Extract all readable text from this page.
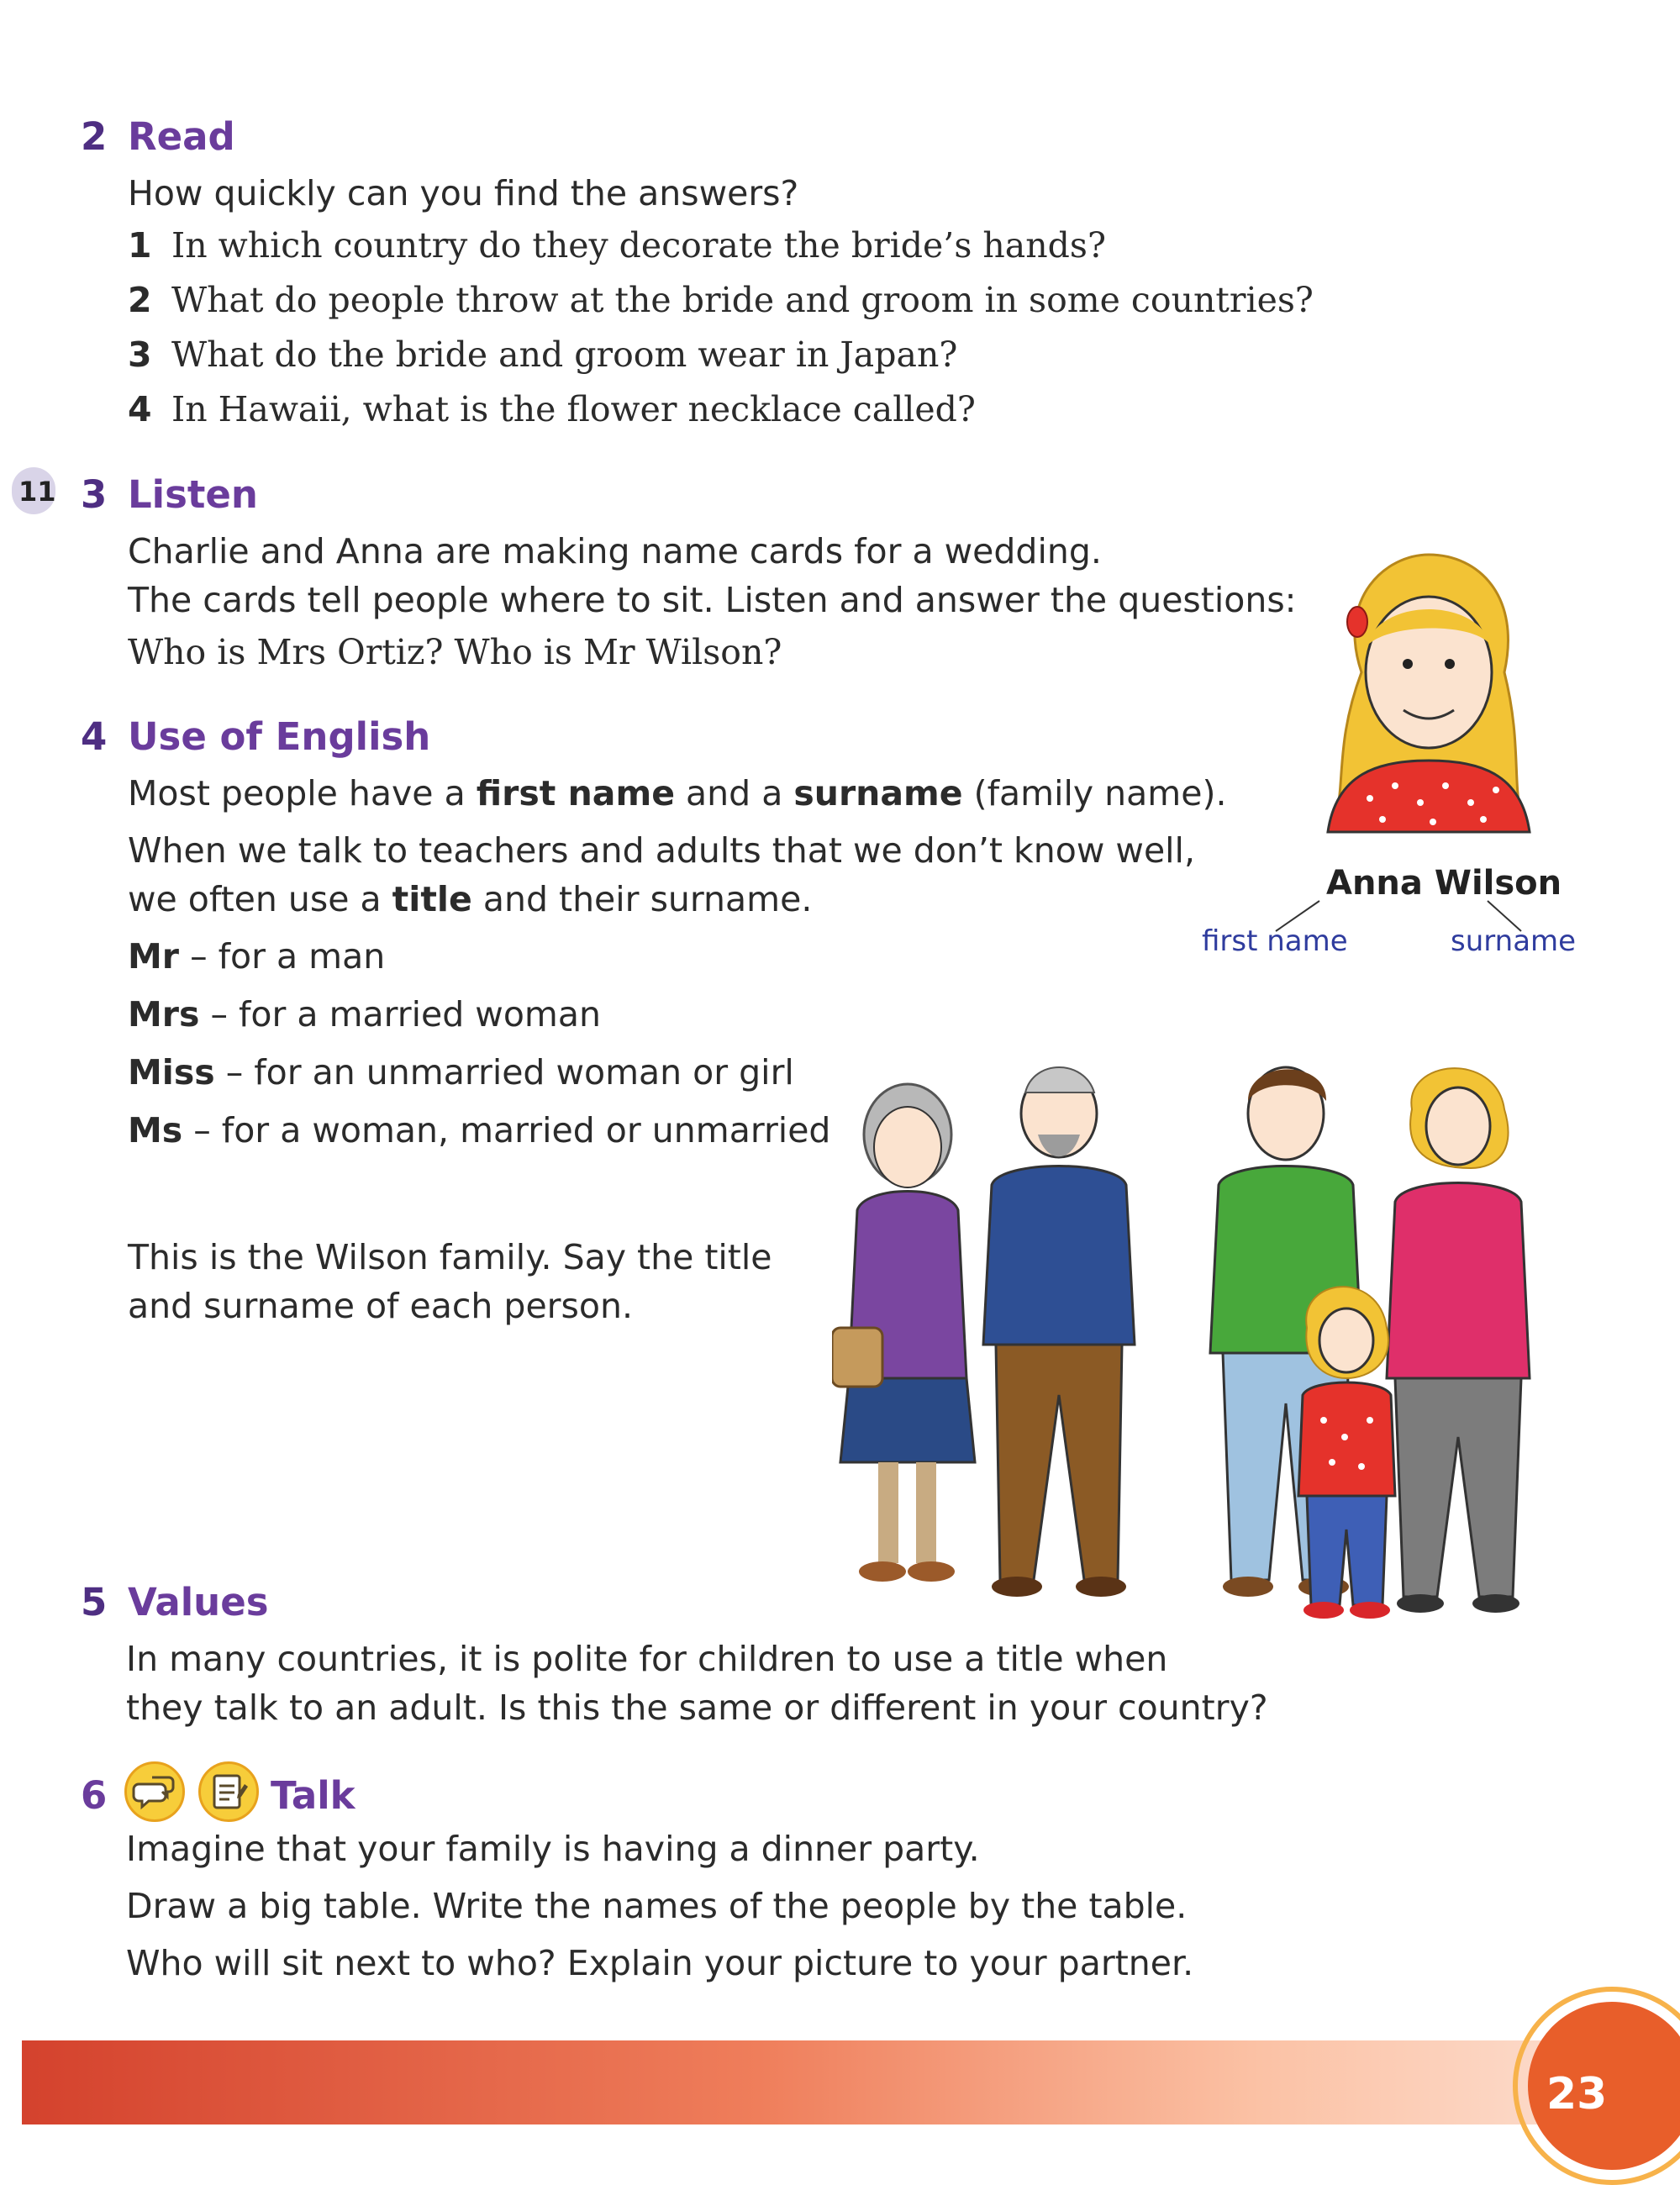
2 Read
How quickly can you find the answers?
1 In which country do they decorate the bride’s hands?
2 What do people throw at the bride and groom in some countries?
3 What do the bride and groom wear in Japan?
4 In Hawaii, what is the flower necklace called?
11 3 Listen
Charlie and Anna are making name cards for a wedding.
The cards tell people where to sit. Listen and answer the questions:
Who is Mrs Ortiz? Who is Mr Wilson?
4 Use of English
Most people have a first name and a surname (family name).
When we talk to teachers and adults that we don’t know well,
we often use a title and their surname.
Mr – for a man
Mrs – for a married woman
Miss – for an unmarried woman or girl
Ms – for a woman, married or unmarried
This is the Wilson family. Say the title
and surname of each person.
Anna Wilson
first name	surname
5 Values
In many countries, it is polite for children to use a title when
they talk to an adult. Is this the same or different in your country?
6	Talk
Imagine that your family is having a dinner party.
Draw a big table. Write the names of the people by the table.
Who will sit next to who? Explain your picture to your partner.
23
